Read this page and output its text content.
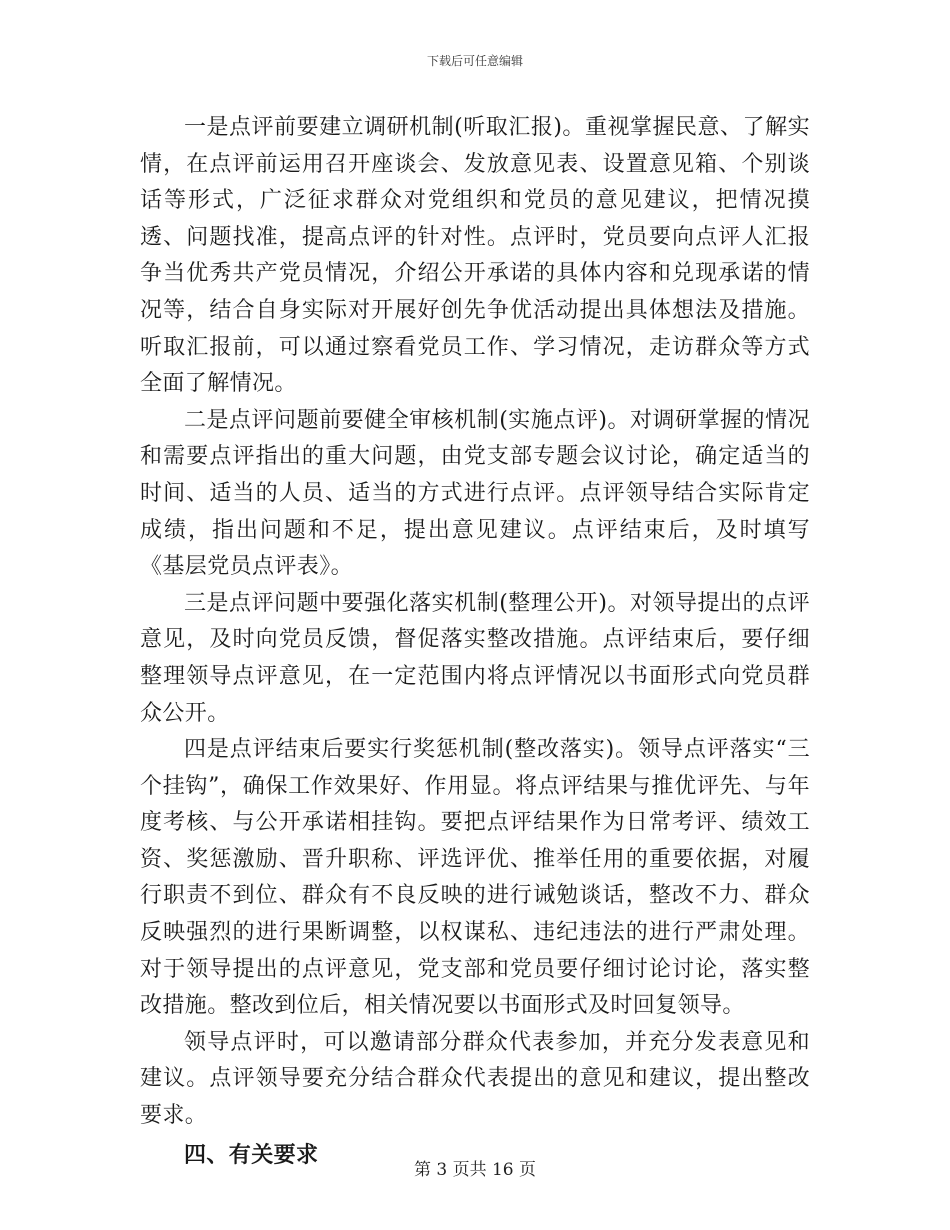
下载后可任意编辑

一是点评前要建立调研机制(听取汇报)。重视掌握民意、了解实情，在点评前运用召开座谈会、发放意见表、设置意见箱、个别谈话等形式，广泛征求群众对党组织和党员的意见建议，把情况摸透、问题找准，提高点评的针对性。点评时，党员要向点评人汇报争当优秀共产党员情况，介绍公开承诺的具体内容和兑现承诺的情况等，结合自身实际对开展好创先争优活动提出具体想法及措施。听取汇报前，可以通过察看党员工作、学习情况，走访群众等方式全面了解情况。

二是点评问题前要健全审核机制(实施点评)。对调研掌握的情况和需要点评指出的重大问题，由党支部专题会议讨论，确定适当的时间、适当的人员、适当的方式进行点评。点评领导结合实际肯定成绩，指出问题和不足，提出意见建议。点评结束后，及时填写《基层党员点评表》。

三是点评问题中要强化落实机制(整理公开)。对领导提出的点评意见，及时向党员反馈，督促落实整改措施。点评结束后，要仔细整理领导点评意见，在一定范围内将点评情况以书面形式向党员群众公开。

四是点评结束后要实行奖惩机制(整改落实)。领导点评落实“三个挂钩”，确保工作效果好、作用显。将点评结果与推优评先、与年度考核、与公开承诺相挂钩。要把点评结果作为日常考评、绩效工资、奖惩激励、晋升职称、评选评优、推举任用的重要依据，对履行职责不到位、群众有不良反映的进行诫勉谈话，整改不力、群众反映强烈的进行果断调整，以权谋私、违纪违法的进行严肃处理。对于领导提出的点评意见，党支部和党员要仔细讨论讨论，落实整改措施。整改到位后，相关情况要以书面形式及时回复领导。

领导点评时，可以邀请部分群众代表参加，并充分发表意见和建议。点评领导要充分结合群众代表提出的意见和建议，提出整改要求。

四、有关要求

第 3 页共 16 页
